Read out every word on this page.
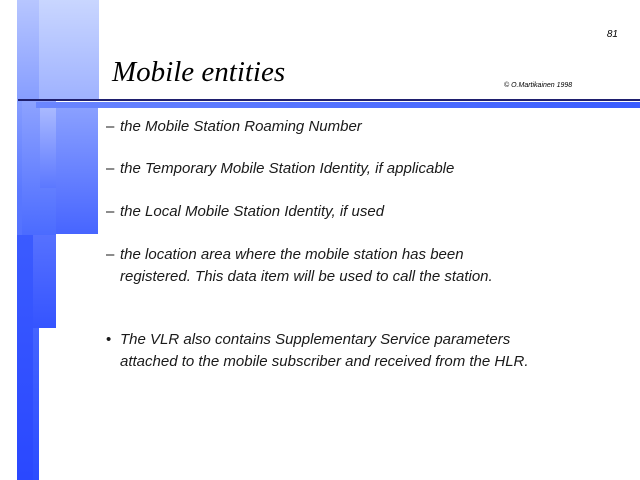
81
Mobile entities	© O.Martikainen 1998
– the Mobile Station Roaming Number
– the Temporary Mobile Station Identity, if applicable
– the Local Mobile Station Identity, if used
– the location area where the mobile station has been
registered. This data item will be used to call the station.
• The VLR also contains Supplementary Service parameters
attached to the mobile subscriber and received from the HLR.
